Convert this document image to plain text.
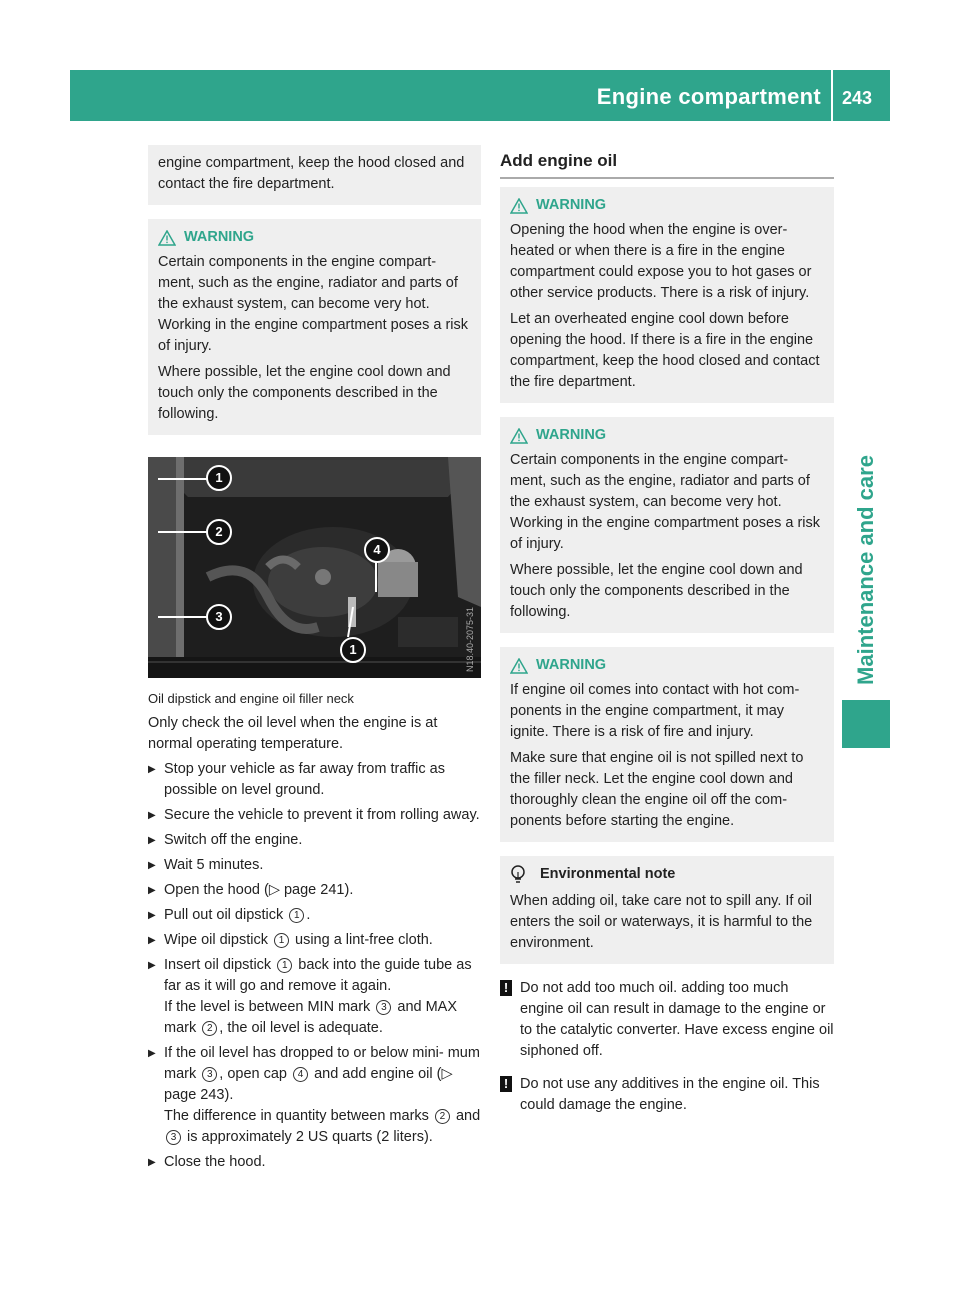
Engine compartment 243
Maintenance and care

engine compartment, keep the hood closed and contact the fire department.

WARNING

Certain components in the engine compart- ment, such as the engine, radiator and parts of the exhaust system, can become very hot. Working in the engine compartment poses a risk of injury.

Where possible, let the engine cool down and touch only the components described in the following.

N18.40-2075-31
1
2
3
4
1
Oil dipstick and engine oil filler neck

Only check the oil level when the engine is at normal operating temperature.

▶ Stop your vehicle as far away from traffic as possible on level ground.
▶ Secure the vehicle to prevent it from rolling away.
▶ Switch off the engine.
▶ Wait 5 minutes.
▶ Open the hood (▷ page 241).
▶ Pull out oil dipstick 1 .
▶ Wipe oil dipstick 1 using a lint-free cloth.
▶ Insert oil dipstick 1 back into the guide tube as far as it will go and remove it again.
If the level is between MIN mark 3 and MAX mark 2 , the oil level is adequate.
▶ If the oil level has dropped to or below mini- mum mark 3 , open cap 4 and add engine oil (▷ page 243).
The difference in quantity between marks 2 and 3 is approximately 2 US quarts (2 liters).
▶ Close the hood.
Add engine oil
WARNING

Opening the hood when the engine is over- heated or when there is a fire in the engine compartment could expose you to hot gases or other service products. There is a risk of injury.

Let an overheated engine cool down before opening the hood. If there is a fire in the engine compartment, keep the hood closed and contact the fire department.

WARNING

Certain components in the engine compart- ment, such as the engine, radiator and parts of the exhaust system, can become very hot. Working in the engine compartment poses a risk of injury.

Where possible, let the engine cool down and touch only the components described in the following.

WARNING

If engine oil comes into contact with hot com- ponents in the engine compartment, it may ignite. There is a risk of fire and injury.

Make sure that engine oil is not spilled next to the filler neck. Let the engine cool down and thoroughly clean the engine oil off the com- ponents before starting the engine.

Environmental note

When adding oil, take care not to spill any. If oil enters the soil or waterways, it is harmful to the environment.

! Do not add too much oil. adding too much engine oil can result in damage to the engine or to the catalytic converter. Have excess engine oil siphoned off.
! Do not use any additives in the engine oil. This could damage the engine.
